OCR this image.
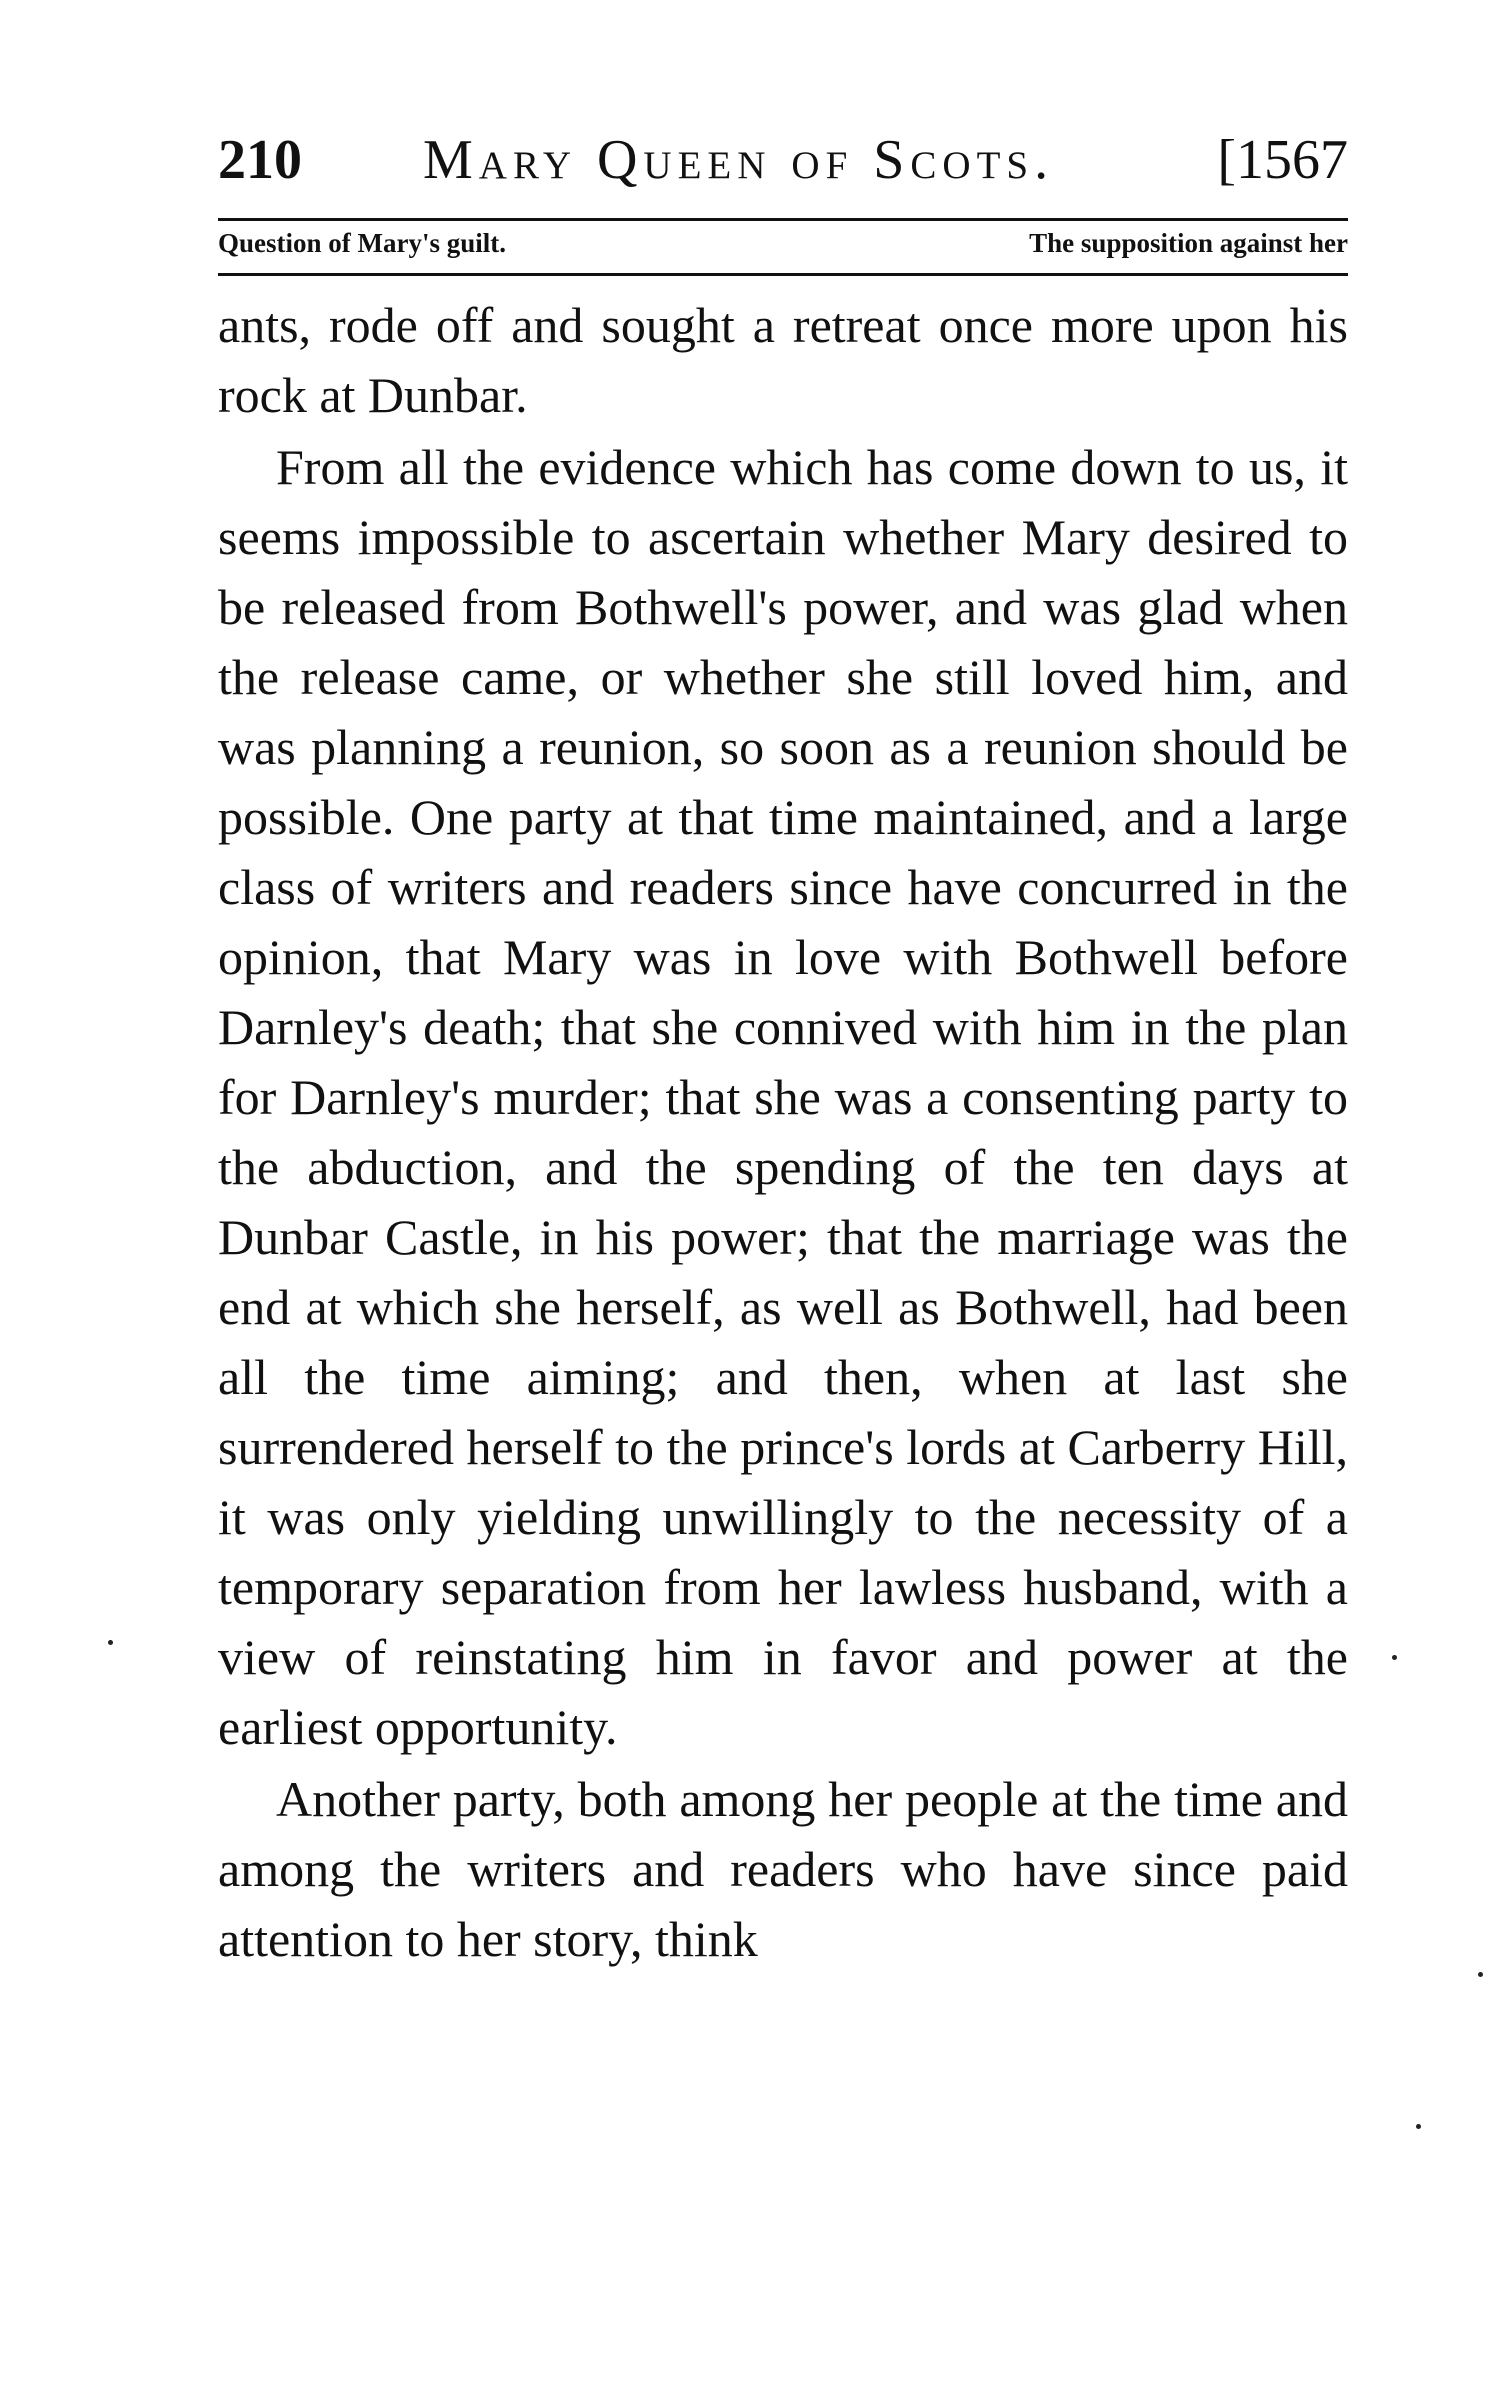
210 Mary Queen of Scots.	[1567
Question of Mary's guilt.	The supposition against her

ants, rode off and sought a retreat once more upon his rock at Dunbar.

From all the evidence which has come down to us, it seems impossible to ascertain whether Mary desired to be released from Bothwell's power, and was glad when the release came, or whether she still loved him, and was planning a reunion, so soon as a reunion should be possible. One party at that time maintained, and a large class of writers and readers since have concurred in the opinion, that Mary was in love with Bothwell before Darnley's death; that she connived with him in the plan for Darnley's murder; that she was a consenting party to the abduction, and the spending of the ten days at Dunbar Castle, in his power; that the marriage was the end at which she herself, as well as Bothwell, had been all the time aiming; and then, when at last she surrendered herself to the prince's lords at Carberry Hill, it was only yielding unwillingly to the necessity of a temporary separation from her lawless husband, with a view of reinstating him in favor and power at the earliest opportunity.

Another party, both among her people at the time and among the writers and readers who have since paid attention to her story, think
